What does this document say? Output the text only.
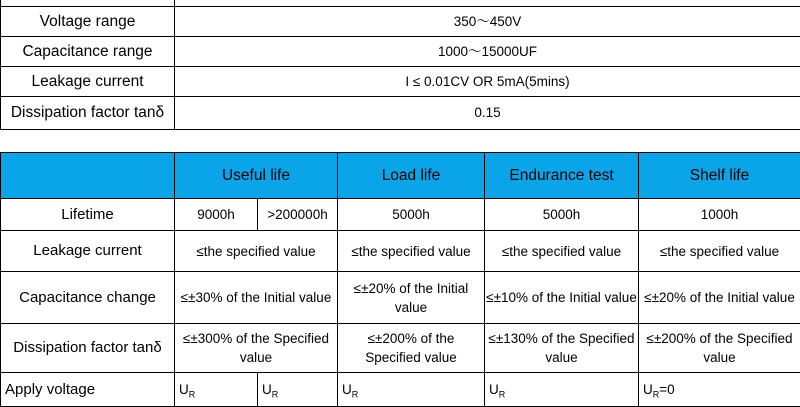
Voltage range	350～450V
Capacitance range	1000～15000UF
Leakage current	I ≤ 0.01CV OR 5mA(5mins)
Dissipation factor tanδ	0.15
	Useful life		Load life	Endurance test	Shelf life
Lifetime	9000h	>200000h	5000h	5000h	1000h
Leakage current	≤the specified value		≤the specified value	≤the specified value	≤the specified value
Capacitance change	≤±30% of the Initial value		≤±20% of the Initial value	≤±10% of the Initial value	≤±20% of the Initial value
Dissipation factor tanδ	≤±300% of the Specified value		≤±200% of the Specified value	≤±130% of the Specified value	≤±200% of the Specified value
Apply voltage	$U_R$	$U_R$	$U_R$	$U_R$	$U_R=0$
